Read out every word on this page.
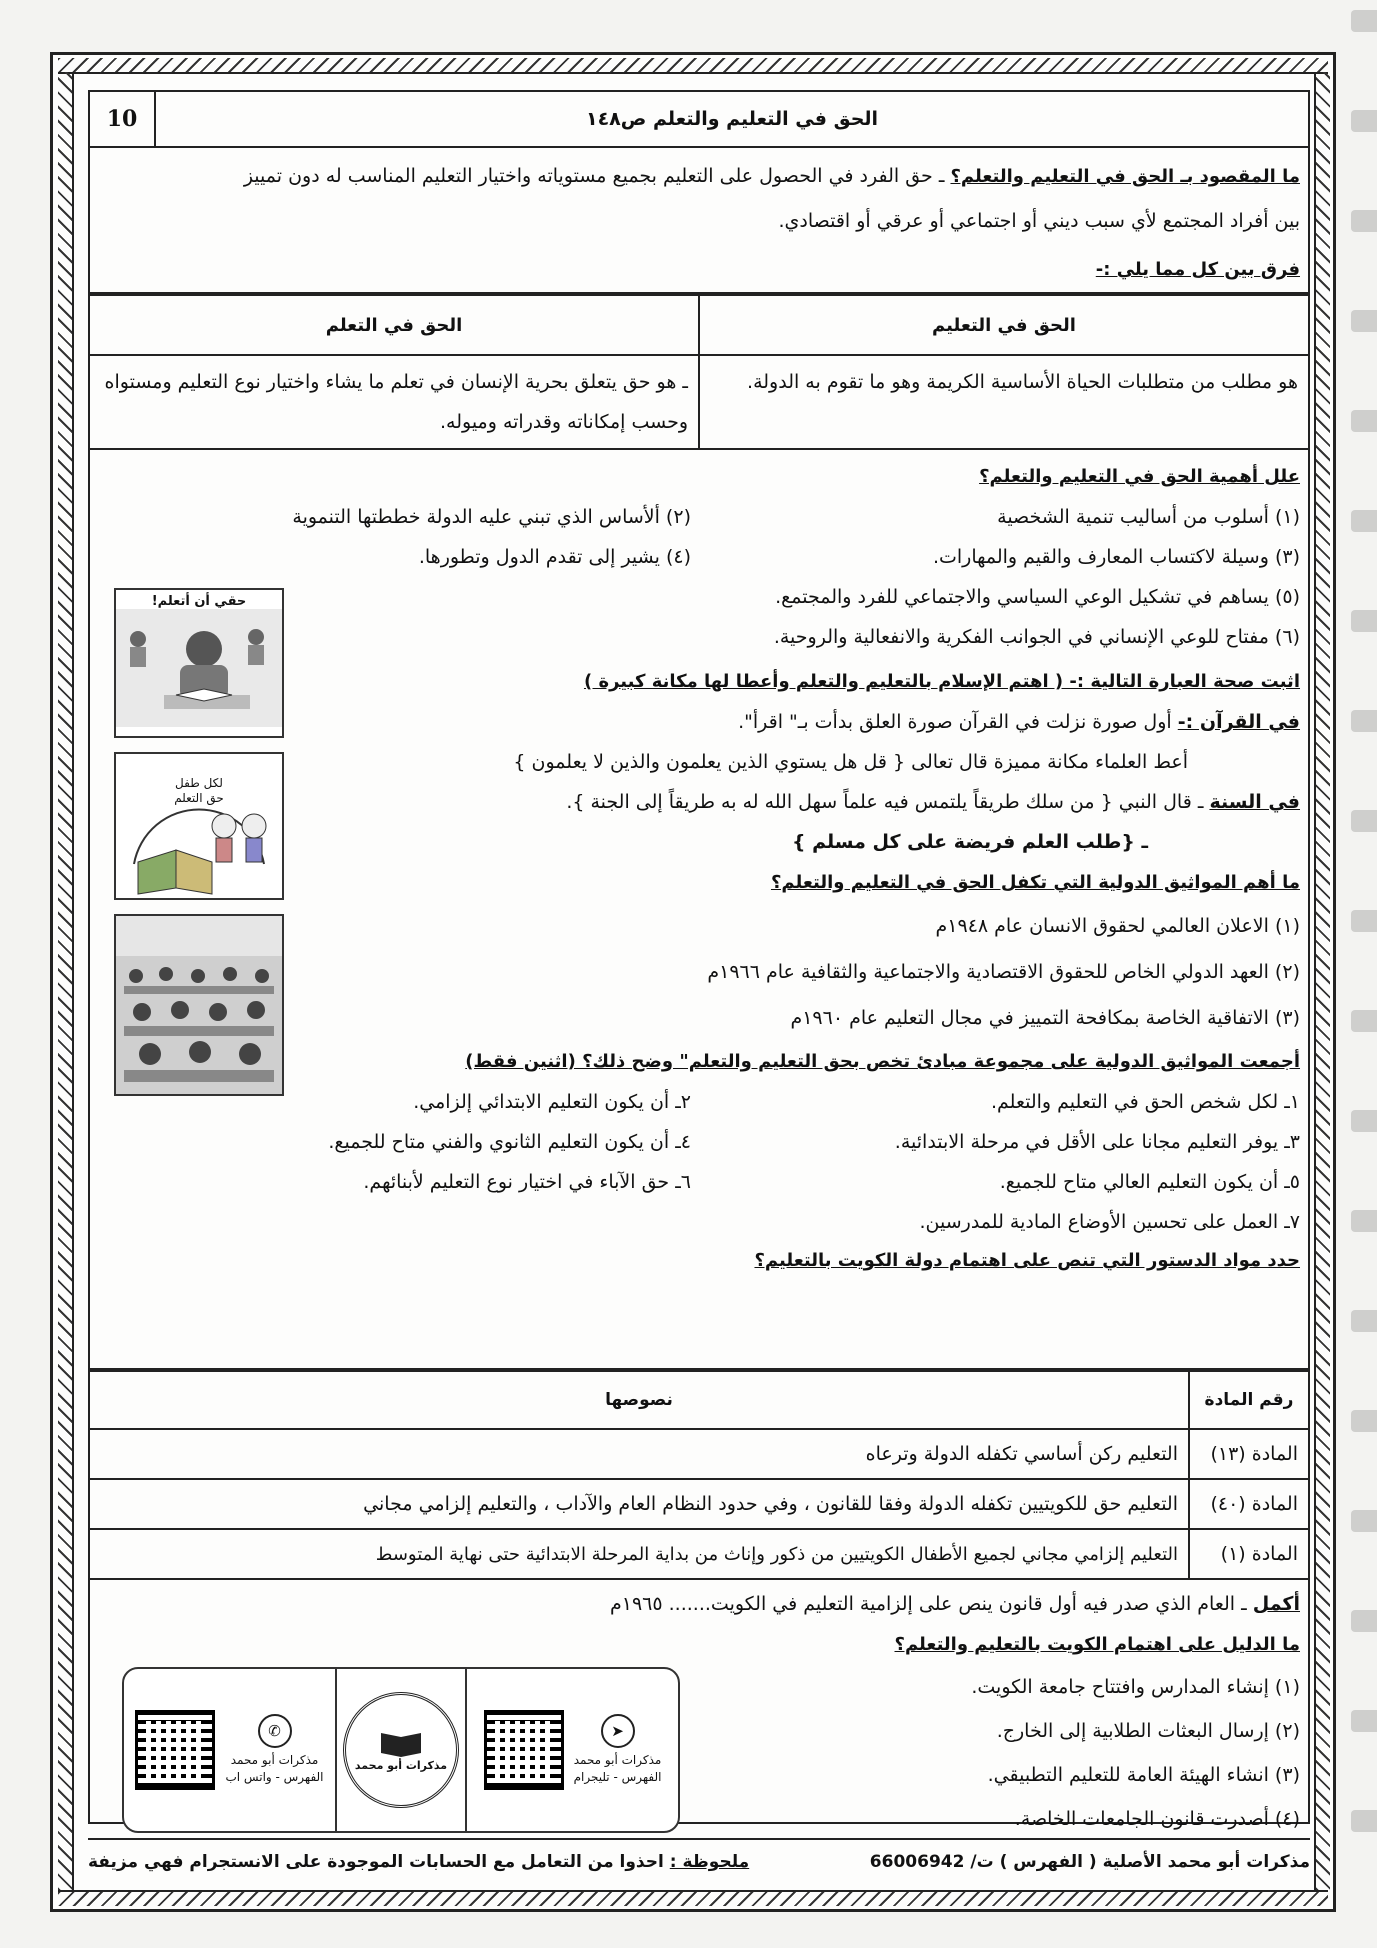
الحق في التعليم والتعلم ص١٤٨
10
ما المقصود بـ الحق في التعليم والتعلم؟ ـ حق الفرد في الحصول على التعليم بجميع مستوياته واختيار التعليم المناسب له دون تمييز
بين أفراد المجتمع لأي سبب ديني أو اجتماعي أو عرقي أو اقتصادي.
فرق بين كل مما يلي :-
الحق في التعليم	الحق في التعلم
هو مطلب من متطلبات الحياة الأساسية الكريمة وهو ما تقوم به الدولة.	ـ هو حق يتعلق بحرية الإنسان في تعلم ما يشاء واختيار نوع التعليم ومستواه وحسب إمكاناته وقدراته وميوله.
علل أهمية الحق في التعليم والتعلم؟
(١) أسلوب من أساليب تنمية الشخصية
(٢) ألأساس الذي تبني عليه الدولة خططتها التنموية
(٣) وسيلة لاكتساب المعارف والقيم والمهارات.
(٤) يشير إلى تقدم الدول وتطورها.
(٥) يساهم في تشكيل الوعي السياسي والاجتماعي للفرد والمجتمع.
(٦) مفتاح للوعي الإنساني في الجوانب الفكرية والانفعالية والروحية.
اثبت صحة العبارة التالية :- ( اهتم الإسلام بالتعليم والتعلم وأعطا لها مكانة كبيرة )
في القرآن :- أول صورة نزلت في القرآن صورة العلق بدأت بـ" اقرأ".
أعط العلماء مكانة مميزة قال تعالى { قل هل يستوي الذين يعلمون والذين لا يعلمون }
في السنة ـ قال النبي { من سلك طريقاً يلتمس فيه علماً سهل الله له به طريقاً إلى الجنة }.
ـ {طلب العلم فريضة على كل مسلم }
ما أهم المواثيق الدولية التي تكفل الحق في التعليم والتعلم؟
(١) الاعلان العالمي لحقوق الانسان عام ١٩٤٨م
(٢) العهد الدولي الخاص للحقوق الاقتصادية والاجتماعية والثقافية عام ١٩٦٦م
(٣) الاتفاقية الخاصة بمكافحة التمييز في مجال التعليم عام ١٩٦٠م
أجمعت المواثيق الدولية على مجموعة مبادئ تخص بحق التعليم والتعلم" وضح ذلك؟ (اثنين فقط)
١ـ لكل شخص الحق في التعليم والتعلم.
٢ـ أن يكون التعليم الابتدائي إلزامي.
٣ـ يوفر التعليم مجانا على الأقل في مرحلة الابتدائية.
٤ـ أن يكون التعليم الثانوي والفني متاح للجميع.
٥ـ أن يكون التعليم العالي متاح للجميع.
٦ـ حق الآباء في اختيار نوع التعليم لأبنائهم.
٧ـ العمل على تحسين الأوضاع المادية للمدرسين.
حدد مواد الدستور التي تنص على اهتمام دولة الكويت بالتعليم؟
حقي أن أتعلم!
لكل طفل
حق التعلم
رقم المادة	نصوصها
المادة (١٣)	التعليم ركن أساسي تكفله الدولة وترعاه
المادة (٤٠)	التعليم حق للكويتيين تكفله الدولة وفقا للقانون ، وفي حدود النظام العام والآداب ، والتعليم إلزامي مجاني
المادة (١)	التعليم إلزامي مجاني لجميع الأطفال الكويتيين من ذكور وإناث من بداية المرحلة الابتدائية حتى نهاية المتوسط
أكمل ـ العام الذي صدر فيه أول قانون ينص على إلزامية التعليم في الكويت....... ١٩٦٥م
ما الدليل على اهتمام الكويت بالتعليم والتعلم؟
(١) إنشاء المدارس وافتتاح جامعة الكويت.
(٢) إرسال البعثات الطلابية إلى الخارج.
(٣) انشاء الهيئة العامة للتعليم التطبيقي.
(٤) أصدرت قانون الجامعات الخاصة.
➤
مذكرات أبو محمد
الفهرس - تليجرام
مذكرات أبو محمد
✆
مذكرات أبو محمد
الفهرس - واتس اب
مذكرات أبو محمد الأصلية ( الفهرس ) ت/ 66006942
ملحوظة : احذوا من التعامل مع الحسابات الموجودة على الانستجرام فهي مزيفة
